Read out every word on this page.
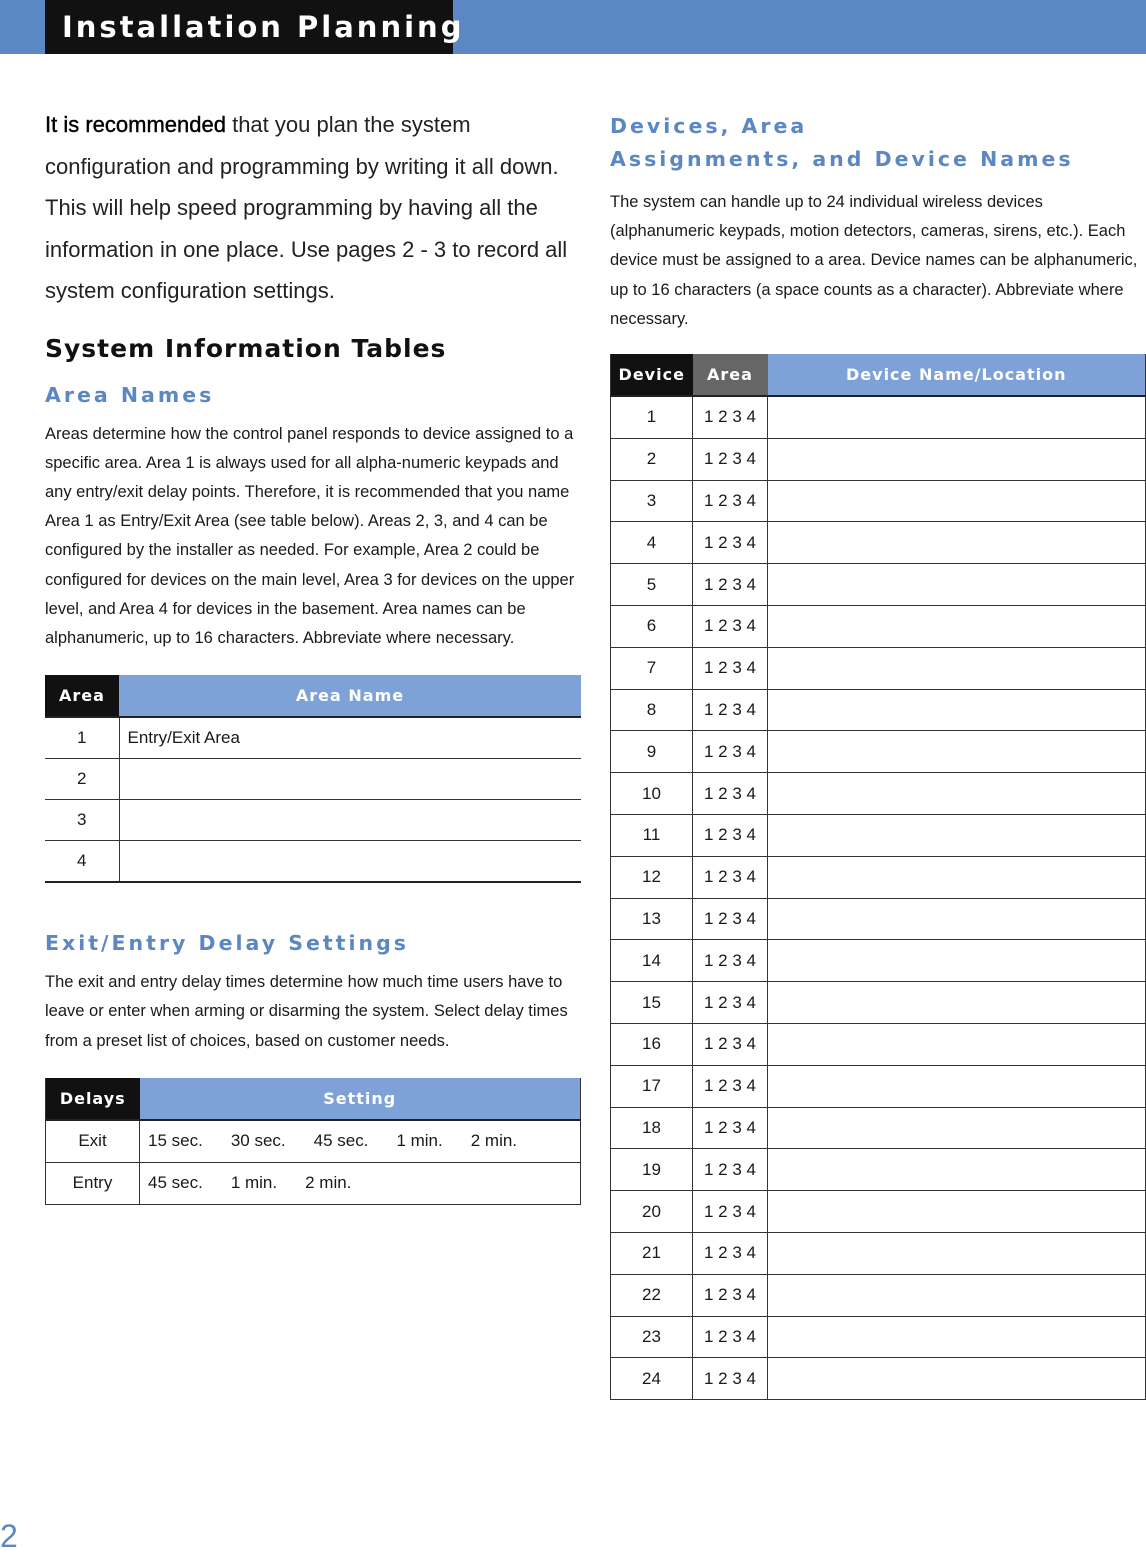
Installation Planning

It is recommended that you plan the system configuration and programming by writing it all down. This will help speed programming by having all the information in one place. Use pages 2 - 3 to record all system configuration settings.

System Information Tables
Area Names

Areas determine how the control panel responds to device assigned to a specific area. Area 1 is always used for all alpha-numeric keypads and any entry/exit delay points. Therefore, it is recommended that you name Area 1 as Entry/Exit Area (see table below). Areas 2, 3, and 4 can be configured by the installer as needed. For example, Area 2 could be configured for devices on the main level, Area 3 for devices on the upper level, and Area 4 for devices in the basement. Area names can be alphanumeric, up to 16 characters. Abbreviate where necessary.

Area	Area Name
1	Entry/Exit Area
2	
3	
4	
Exit/Entry Delay Settings

The exit and entry delay times determine how much time users have to leave or enter when arming or disarming the system. Select delay times from a preset list of choices, based on customer needs.

Delays	Setting
Exit	15 sec. 30 sec. 45 sec. 1 min. 2 min.
Entry	45 sec. 1 min. 2 min.
Devices, Area
Assignments, and Device Names

The system can handle up to 24 individual wireless devices (alphanumeric keypads, motion detectors, cameras, sirens, etc.). Each device must be assigned to a area. Device names can be alphanumeric, up to 16 characters (a space counts as a character). Abbreviate where necessary.

Device	Area	Device Name/Location
1	1 2 3 4	
2	1 2 3 4	
3	1 2 3 4	
4	1 2 3 4	
5	1 2 3 4	
6	1 2 3 4	
7	1 2 3 4	
8	1 2 3 4	
9	1 2 3 4	
10	1 2 3 4	
11	1 2 3 4	
12	1 2 3 4	
13	1 2 3 4	
14	1 2 3 4	
15	1 2 3 4	
16	1 2 3 4	
17	1 2 3 4	
18	1 2 3 4	
19	1 2 3 4	
20	1 2 3 4	
21	1 2 3 4	
22	1 2 3 4	
23	1 2 3 4	
24	1 2 3 4	
2
